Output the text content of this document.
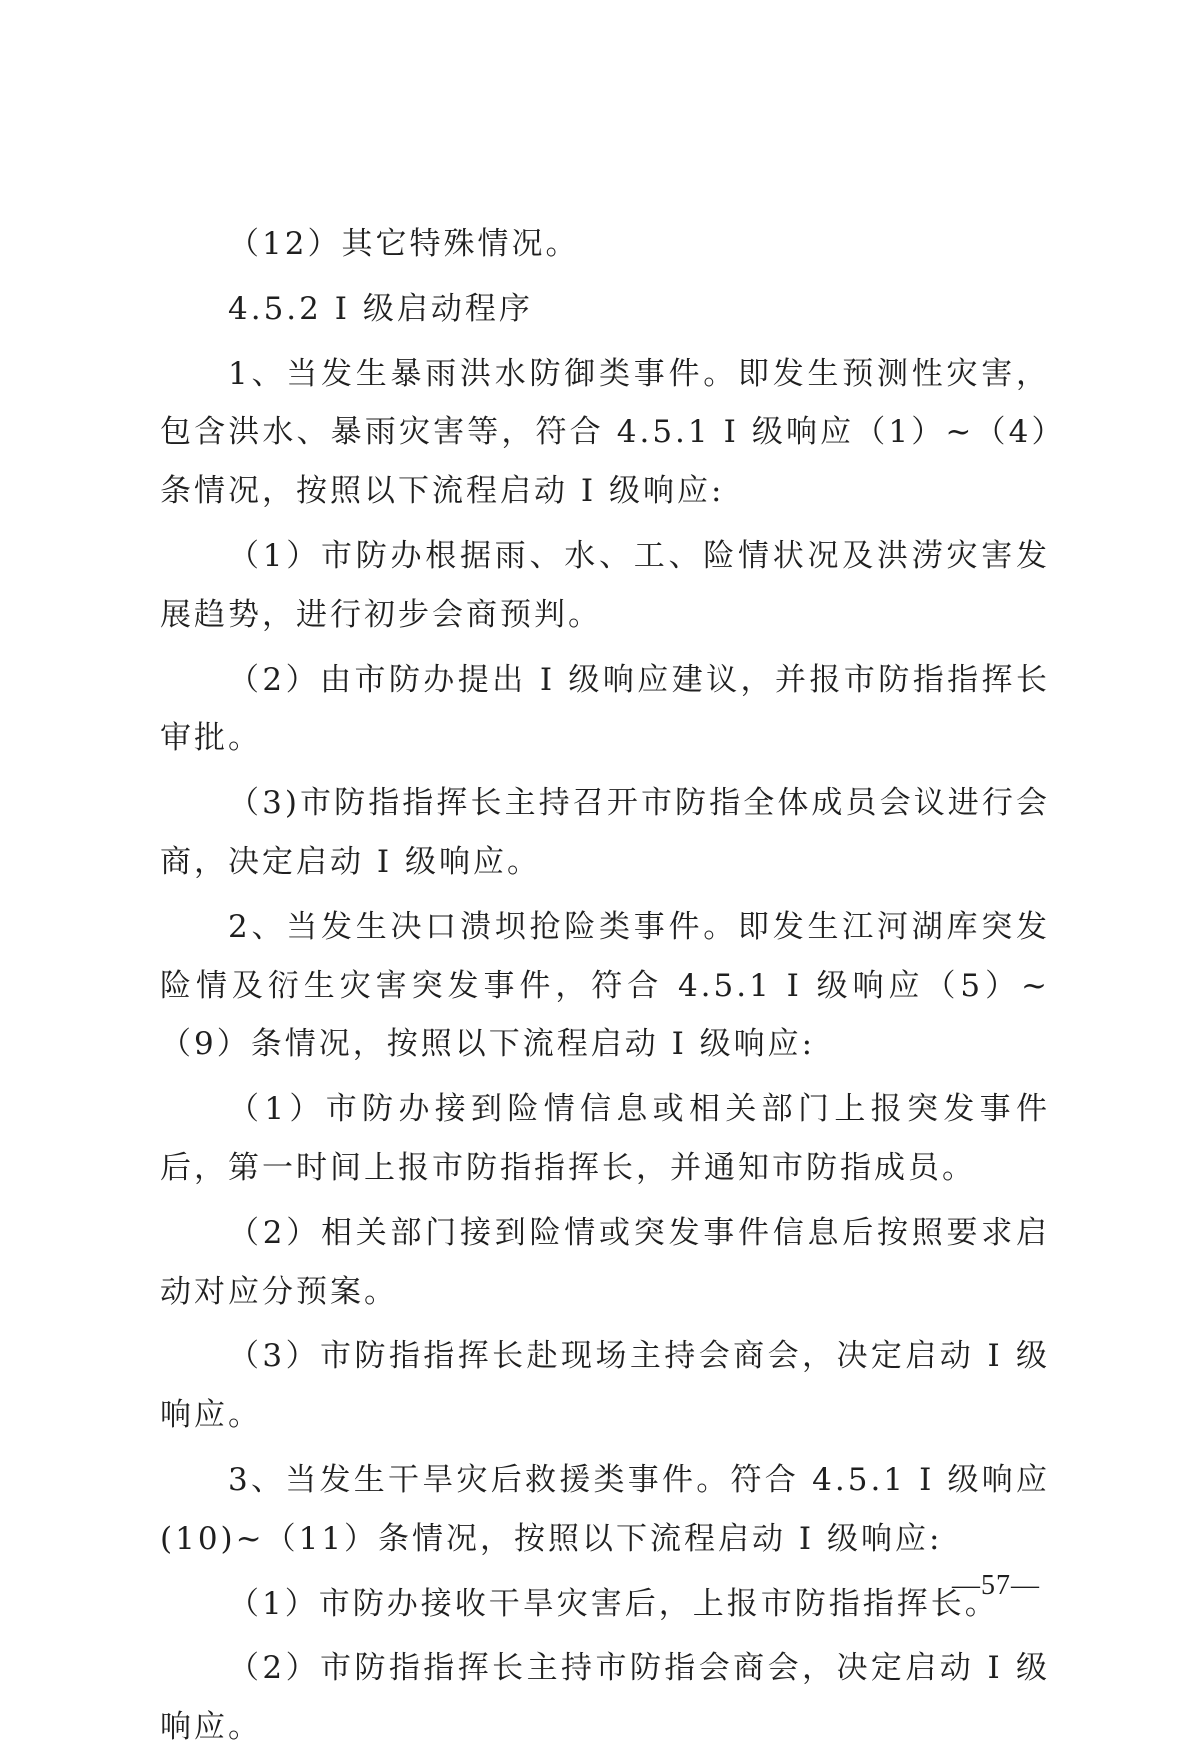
（12）其它特殊情况。

4.5.2 I 级启动程序

1、当发生暴雨洪水防御类事件。即发生预测性灾害，包含洪水、暴雨灾害等，符合 4.5.1 I 级响应（1）~（4）条情况，按照以下流程启动 I 级响应:

（1）市防办根据雨、水、工、险情状况及洪涝灾害发展趋势，进行初步会商预判。

（2）由市防办提出 I 级响应建议，并报市防指指挥长审批。

（3)市防指指挥长主持召开市防指全体成员会议进行会商，决定启动 I 级响应。

2、当发生决口溃坝抢险类事件。即发生江河湖库突发险情及衍生灾害突发事件，符合 4.5.1 I 级响应（5）~（9）条情况，按照以下流程启动 I 级响应:

（1）市防办接到险情信息或相关部门上报突发事件后，第一时间上报市防指指挥长，并通知市防指成员。

（2）相关部门接到险情或突发事件信息后按照要求启动对应分预案。

（3）市防指指挥长赴现场主持会商会，决定启动 I 级响应。

3、当发生干旱灾后救援类事件。符合 4.5.1 I 级响应(10)~（11）条情况，按照以下流程启动 I 级响应:

（1）市防办接收干旱灾害后，上报市防指指挥长。

（2）市防指指挥长主持市防指会商会，决定启动 I 级响应。

—57—
